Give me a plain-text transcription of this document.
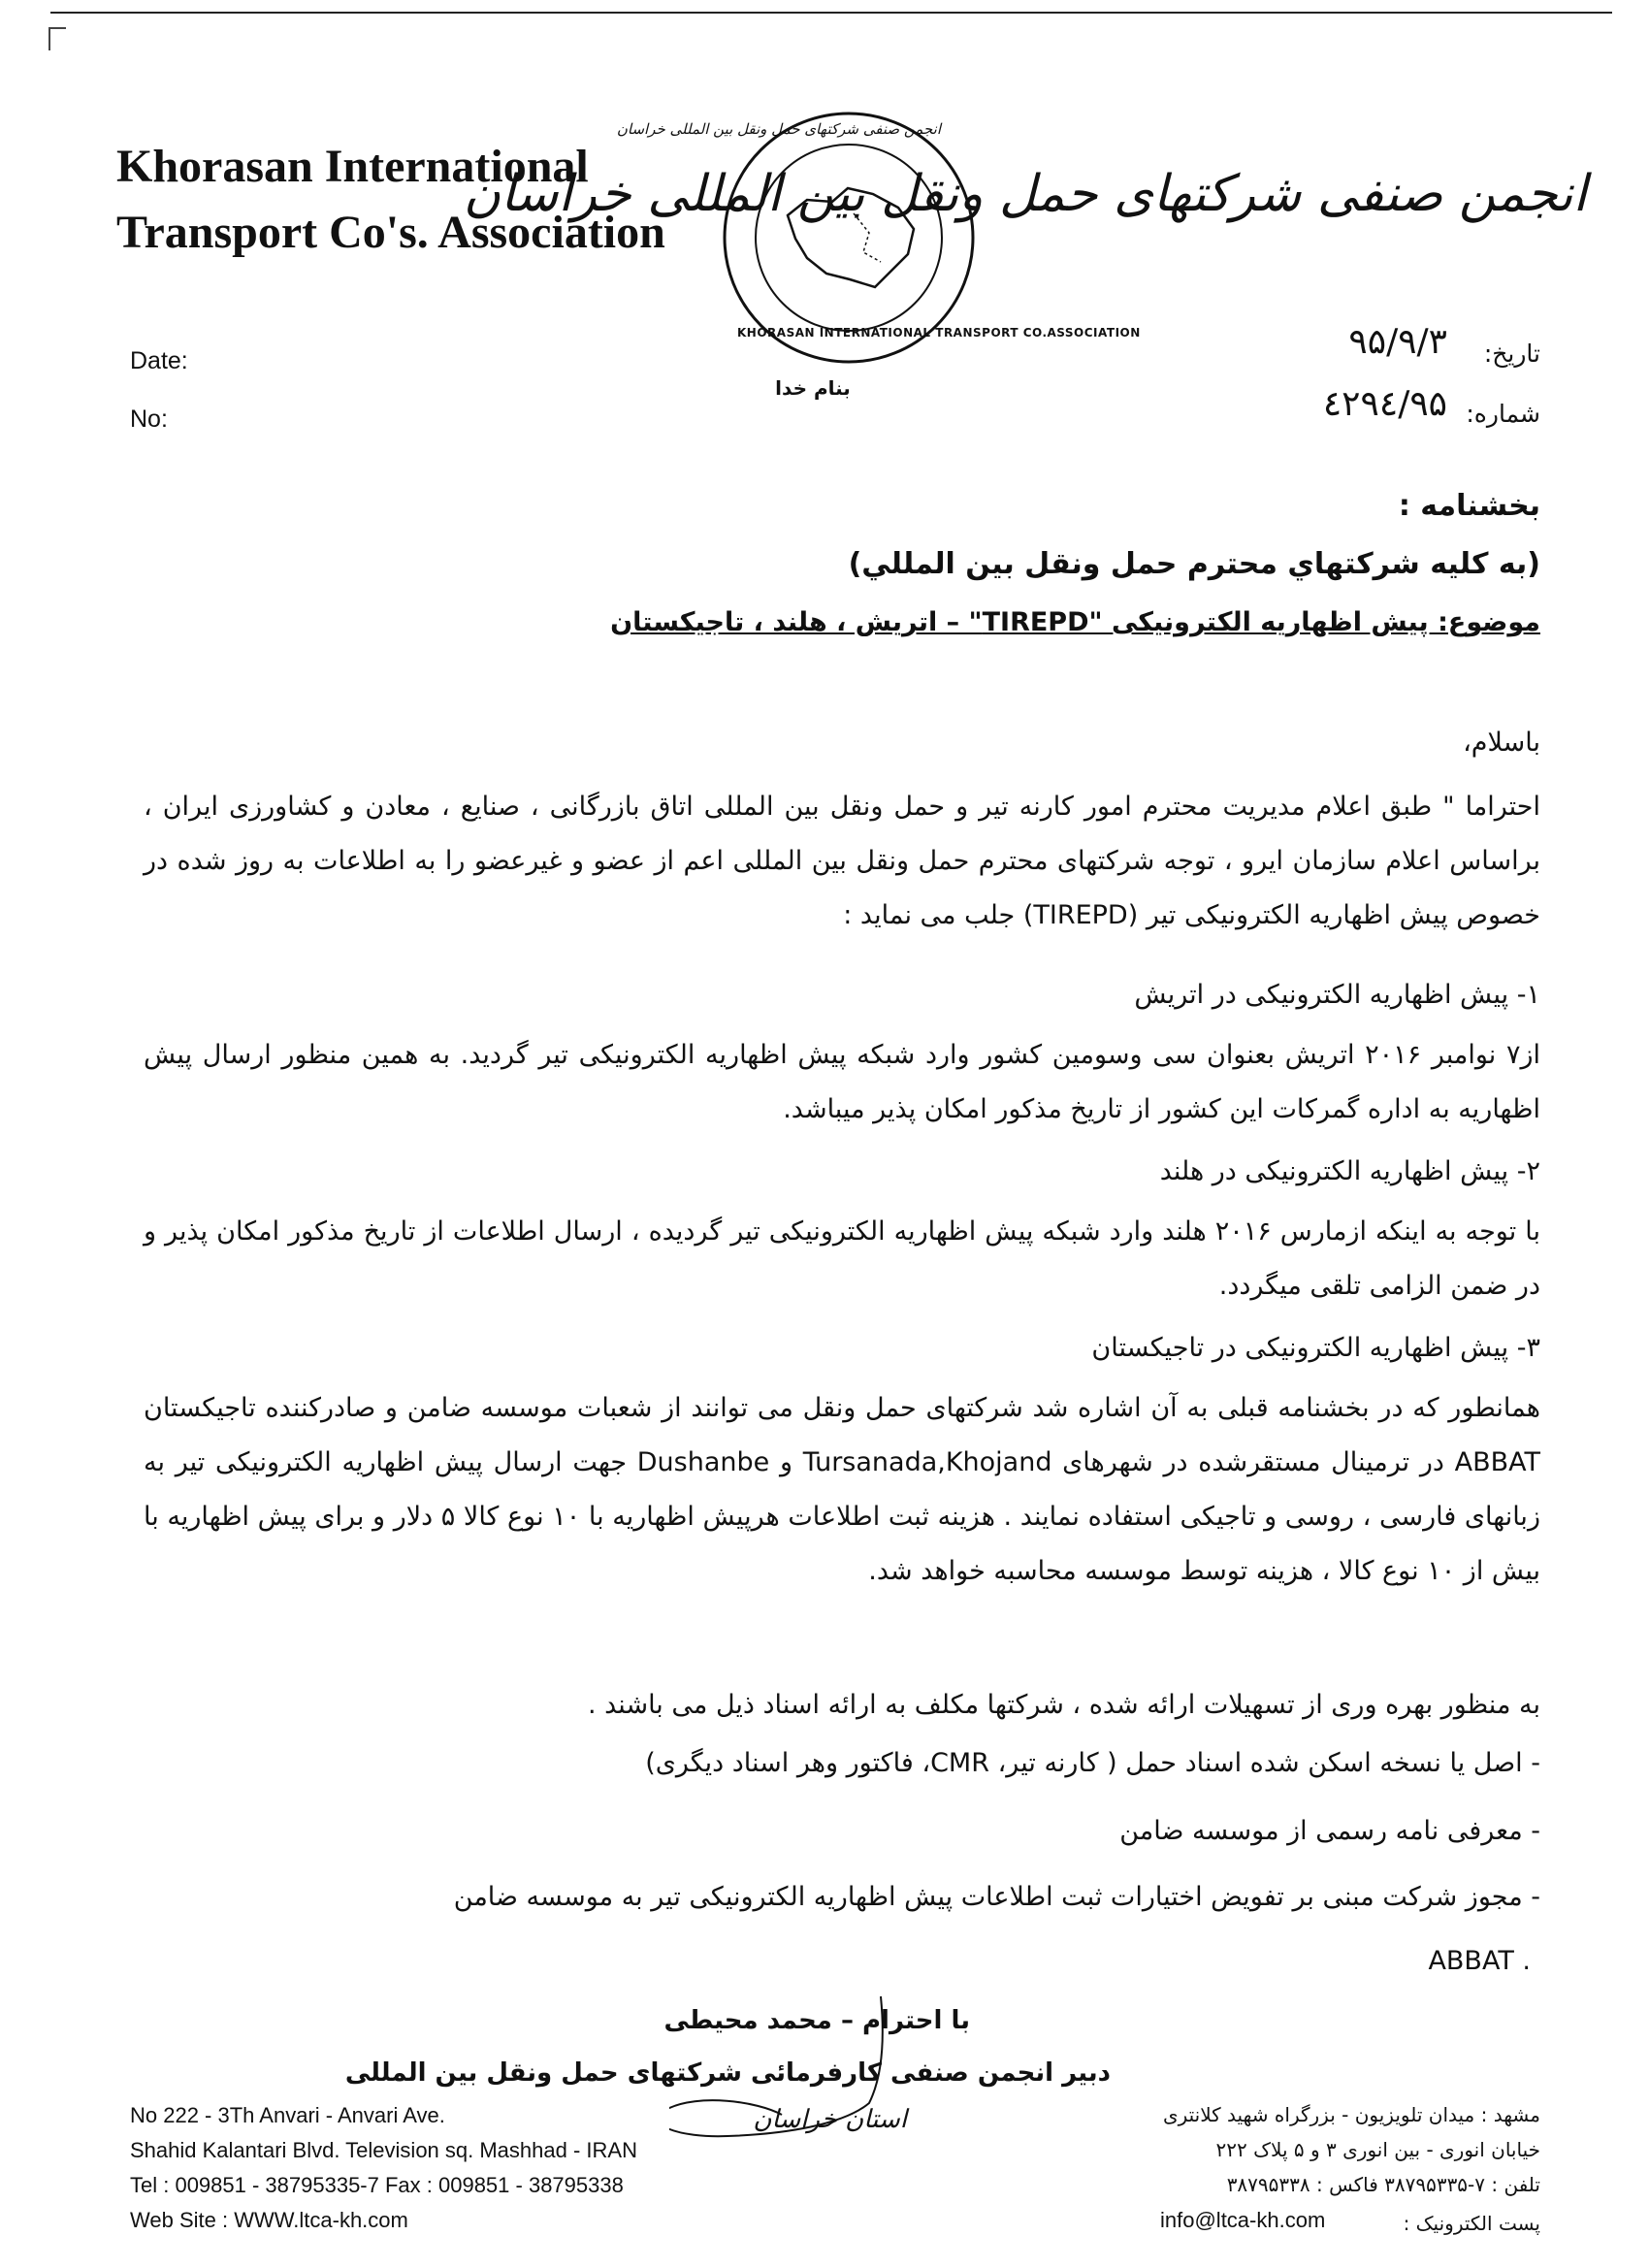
Khorasan International
Transport Co's. Association
انجمن صنفی شرکتهای حمل ونقل بین المللی خراسان
انجمن صنفی شرکتهای حمل ونقل بین المللی خراسان
KHORASAN INTERNATIONAL TRANSPORT CO.ASSOCIATION
بنام خدا
Date:
No:
تاریخ:
۹۵/۹/۳
شماره:
۹۵/٤۲۹٤
بخشنامه :
(به کلیه شرکتهاي محترم حمل ونقل بین المللي)
موضوع: پیش اظهاریه الکترونیکی "TIREPD" – اتریش ، هلند ، تاجیکستان
باسلام،
احتراما " طبق اعلام مدیریت محترم امور کارنه تیر و حمل ونقل بین المللی اتاق بازرگانی ، صنایع ، معادن و کشاورزی ایران ، براساس اعلام سازمان ایرو ، توجه شرکتهای محترم حمل ونقل بین المللی اعم از عضو و غیرعضو را به اطلاعات به روز شده در خصوص پیش اظهاریه الکترونیکی تیر (TIREPD) جلب می نماید :
۱- پیش اظهاریه الکترونیکی در اتریش
از۷ نوامبر ۲۰۱۶ اتریش بعنوان سی وسومین کشور وارد شبکه پیش اظهاریه الکترونیکی تیر گردید. به همین منظور ارسال پیش اظهاریه به اداره گمرکات این کشور از تاریخ مذکور امکان پذیر میباشد.
۲- پیش اظهاریه الکترونیکی در هلند
با توجه به اینکه ازمارس ۲۰۱۶ هلند وارد شبکه پیش اظهاریه الکترونیکی تیر گردیده ، ارسال اطلاعات از تاریخ مذکور امکان پذیر و در ضمن الزامی تلقی میگردد.
۳- پیش اظهاریه الکترونیکی در تاجیکستان
همانطور که در بخشنامه قبلی به آن اشاره شد شرکتهای حمل ونقل می توانند از شعبات موسسه ضامن و صادرکننده تاجیکستان ABBAT در ترمینال مستقرشده در شهرهای Tursanada,Khojand و Dushanbe جهت ارسال پیش اظهاریه الکترونیکی تیر به زبانهای فارسی ، روسی و تاجیکی استفاده نمایند . هزینه ثبت اطلاعات هرپیش اظهاریه با ۱۰ نوع کالا ۵ دلار و برای پیش اظهاریه با بیش از ۱۰ نوع کالا ، هزینه توسط موسسه محاسبه خواهد شد.
به منظور بهره وری از تسهیلات ارائه شده ، شرکتها مکلف به ارائه اسناد ذیل می باشند .
- اصل یا نسخه اسکن شده اسناد حمل ( کارنه تیر، CMR، فاکتور وهر اسناد دیگری)
- معرفی نامه رسمی از موسسه ضامن
- مجوز شرکت مبنی بر تفویض اختیارات ثبت اطلاعات پیش اظهاریه الکترونیکی تیر به موسسه ضامن
. ABBAT
با احترام – محمد محیطی
دبیر انجمن صنفی کارفرمائی شرکتهای حمل ونقل بین المللی
استان خراسان
No 222 - 3Th Anvari - Anvari Ave.
Shahid Kalantari Blvd. Television sq. Mashhad - IRAN
Tel : 009851 - 38795335-7 Fax : 009851 - 38795338
Web Site : WWW.ltca-kh.com
مشهد : میدان تلویزیون - بزرگراه شهید کلانتری
خیابان انوری - بین انوری ۳ و ۵ پلاک ۲۲۲
تلفن : ۷-۳۸۷۹۵۳۳۵ فاکس : ۳۸۷۹۵۳۳۸
پست الکترونیک :
info@ltca-kh.com
